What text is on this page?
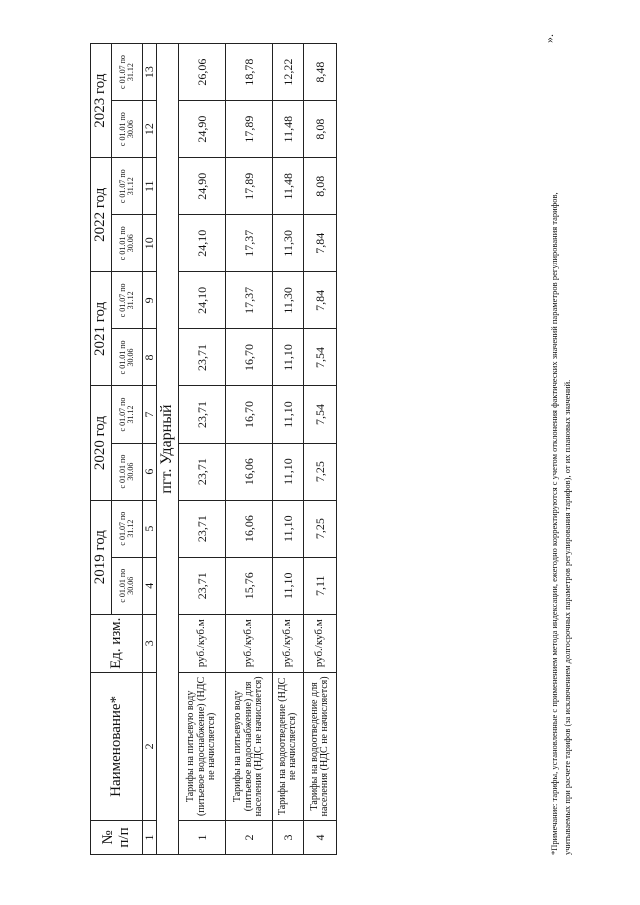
№ п/п	Наименование*	Ед. изм.	2019 год		2020 год		2021 год		2022 год		2023 год	
			с 01.01 по 30.06	с 01.07 по 31.12	с 01.01 по 30.06	с 01.07 по 31.12	с 01.01 по 30.06	с 01.07 по 31.12	с 01.01 по 30.06	с 01.07 по 31.12	с 01.01 по 30.06	с 01.07 по 31.12
1	2	3	4	5	6	7	8	9	10	11	12	13
пгт. Ударный												
1	Тарифы на питьевую воду (питьевое водоснабжение) (НДС не начисляется)	руб./куб.м	23,71	23,71	23,71	23,71	23,71	24,10	24,10	24,90	24,90	26,06
2	Тарифы на питьевую воду (питьевое водоснабжение) для населения (НДС не начисляется)	руб./куб.м	15,76	16,06	16,06	16,70	16,70	17,37	17,37	17,89	17,89	18,78
3	Тарифы на водоотведение (НДС не начисляется)	руб./куб.м	11,10	11,10	11,10	11,10	11,10	11,30	11,30	11,48	11,48	12,22
4	Тарифы на водоотведение для населения (НДС не начисляется)	руб./куб.м	7,11	7,25	7,25	7,54	7,54	7,84	7,84	8,08	8,08	8,48

*Примечание: тарифы, установленные с применением метода индексации, ежегодно корректируются с учетом отклонения фактических значений параметров регулирования тарифов, учитываемых при расчете тарифов (за исключением долгосрочных параметров регулирования тарифов), от их плановых значений.

».
